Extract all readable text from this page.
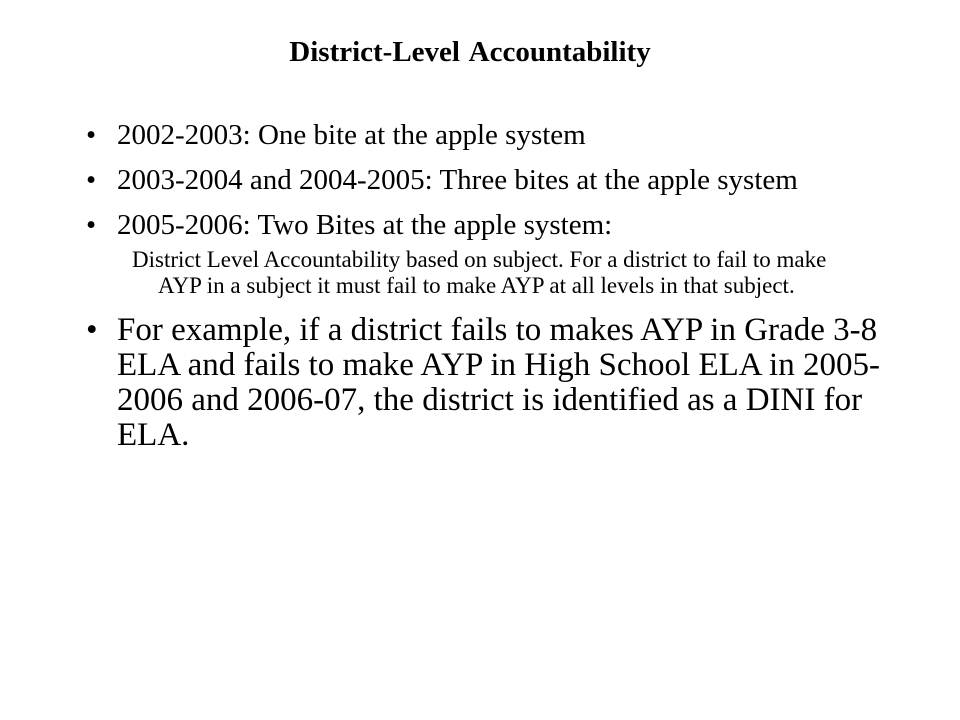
District-Level Accountability
• 2002-2003: One bite at the apple system
• 2003-2004 and 2004-2005: Three bites at the apple system
• 2005-2006: Two Bites at the apple system:
District Level Accountability based on subject. For a district to fail to make AYP in a subject it must fail to make AYP at all levels in that subject.
• For example, if a district fails to makes AYP in Grade 3-8 ELA and fails to make AYP in High School ELA in 2005-2006 and 2006-07, the district is identified as a DINI for ELA.
